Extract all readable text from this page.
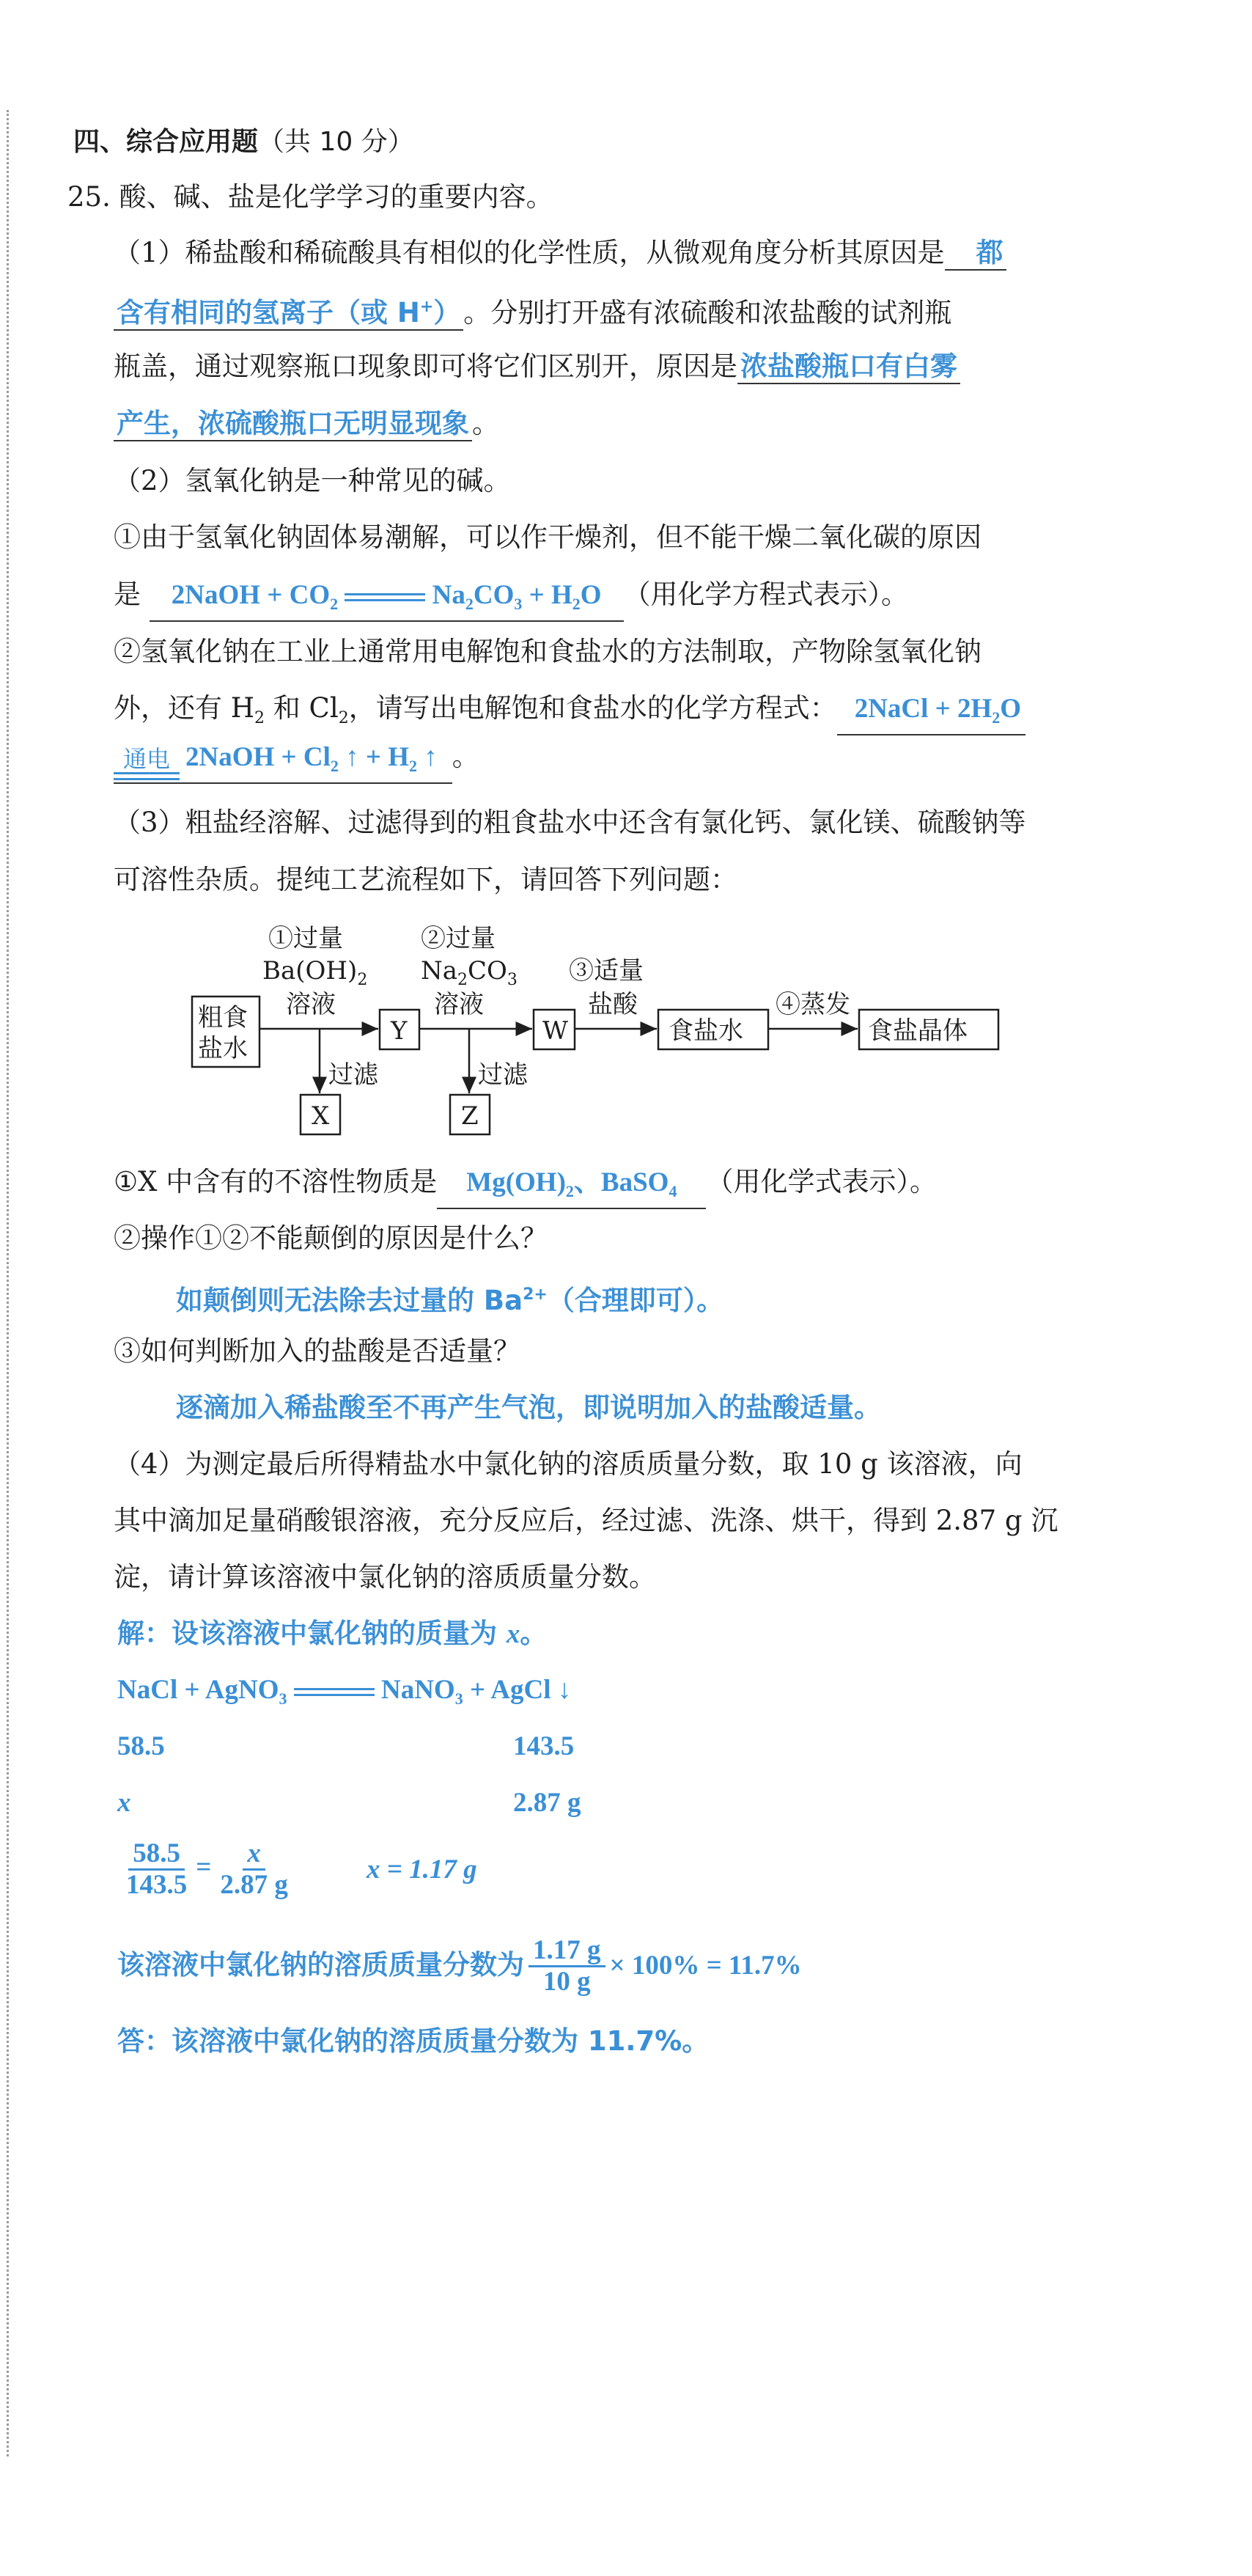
四、综合应用题（共 10 分）
25. 酸、碱、盐是化学学习的重要内容。
（1）稀盐酸和稀硫酸具有相似的化学性质，从微观角度分析其原因是 都
含有相同的氢离子（或 H+） 。分别打开盛有浓硫酸和浓盐酸的试剂瓶
瓶盖，通过观察瓶口现象即可将它们区别开，原因是 浓盐酸瓶口有白雾
产生，浓硫酸瓶口无明显现象 。
（2）氢氧化钠是一种常见的碱。
①由于氢氧化钠固体易潮解，可以作干燥剂，但不能干燥二氧化碳的原因
是 2NaOH + $CO_2$	$Na_2CO_3 + H_2O$ （用化学方程式表示）。
②氢氧化钠在工业上通常用电解饱和食盐水的方法制取，产物除氢氧化钠
外，还有 $H_2$ 和 $Cl_2$，请写出电解饱和食盐水的化学方程式： 2NaCl + $2H_2O$
通电 2NaOH + $Cl_2$ ↑ + $H_2$ ↑ 。
（3）粗盐经溶解、过滤得到的粗食盐水中还含有氯化钙、氯化镁、硫酸钠等
可溶性杂质。提纯工艺流程如下，请回答下列问题：
①过量
$Ba(OH)_2$
溶液
②过量
$Na_2CO_3$
溶液
③适量
盐酸	④蒸发
粗食
盐水
过滤
X
Y
过滤
Z
W	食盐水	食盐晶体
①X 中含有的不溶性物质是 $Mg(OH)_2$、BaSO$_4$ （用化学式表示）。
②操作①②不能颠倒的原因是什么？
如颠倒则无法除去过量的 $Ba^{2+}$（合理即可）。
③如何判断加入的盐酸是否适量？
逐滴加入稀盐酸至不再产生气泡，即说明加入的盐酸适量。
（4）为测定最后所得精盐水中氯化钠的溶质质量分数，取 10 g 该溶液，向
其中滴加足量硝酸银溶液，充分反应后，经过滤、洗涤、烘干，得到 2.87 g 沉
淀，请计算该溶液中氯化钠的溶质质量分数。
解：设该溶液中氯化钠的质量为 x。
NaCl + AgNO$_3$	NaNO$_3$ + AgCl ↓
58.5	143.5
x	2.87 g
$\frac{58.5}{143.5} = \frac{x}{2.87 g}$	x = 1.17 g
该溶液中氯化钠的溶质质量分数为 $\frac{1.17 g}{10 g} \times 100\% = 11.7\%$
答：该溶液中氯化钠的溶质质量分数为 11.7%。
